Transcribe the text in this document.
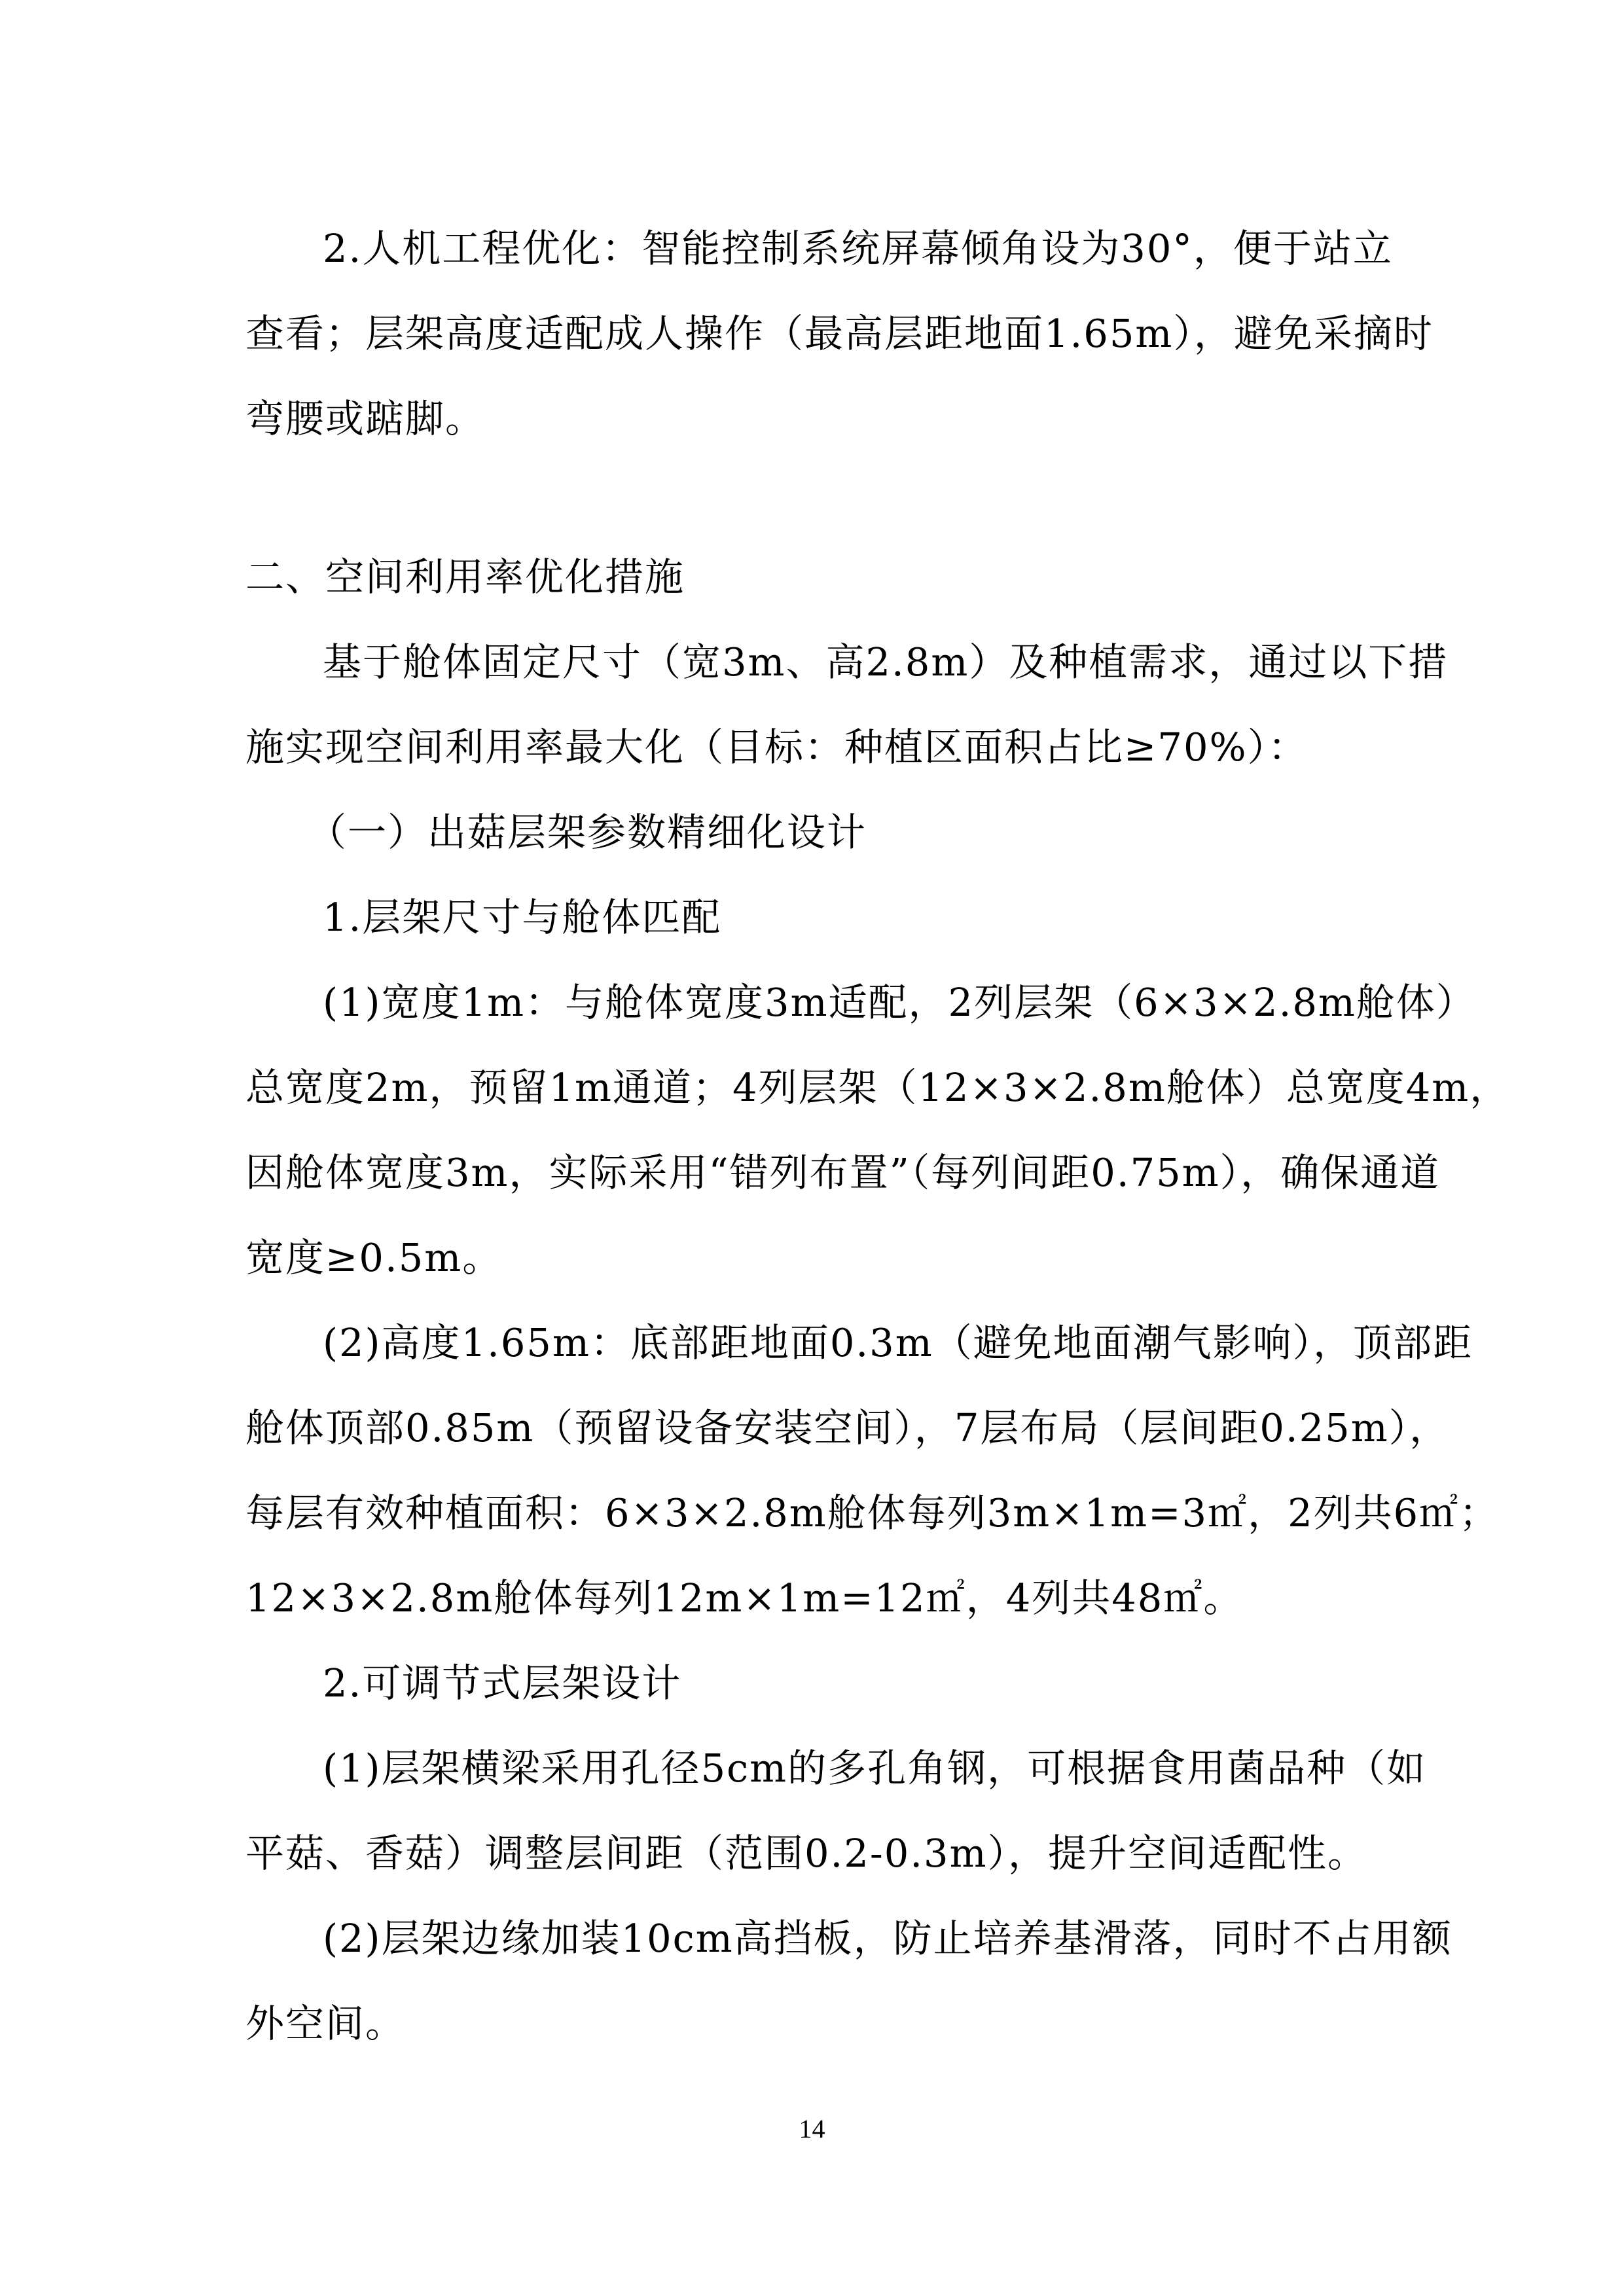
2.人机工程优化：智能控制系统屏幕倾角设为30°，便于站立
查看；层架高度适配成人操作（最高层距地面1.65m），避免采摘时
弯腰或踮脚。
二、空间利用率优化措施
基于舱体固定尺寸（宽3m、高2.8m）及种植需求，通过以下措
施实现空间利用率最大化（目标：种植区面积占比≥70%）：
（一）出菇层架参数精细化设计
1.层架尺寸与舱体匹配
(1)宽度1m：与舱体宽度3m适配，2列层架（6×3×2.8m舱体）
总宽度2m，预留1m通道；4列层架（12×3×2.8m舱体）总宽度4m，
因舱体宽度3m，实际采用“错列布置”（每列间距0.75m），确保通道
宽度≥0.5m。
(2)高度1.65m：底部距地面0.3m（避免地面潮气影响），顶部距
舱体顶部0.85m（预留设备安装空间），7层布局（层间距0.25m），
每层有效种植面积：6×3×2.8m舱体每列3m×1m=3㎡，2列共6㎡；
12×3×2.8m舱体每列12m×1m=12㎡，4列共48㎡。
2.可调节式层架设计
(1)层架横梁采用孔径5cm的多孔角钢，可根据食用菌品种（如
平菇、香菇）调整层间距（范围0.2-0.3m），提升空间适配性。
(2)层架边缘加装10cm高挡板，防止培养基滑落，同时不占用额
外空间。
14
